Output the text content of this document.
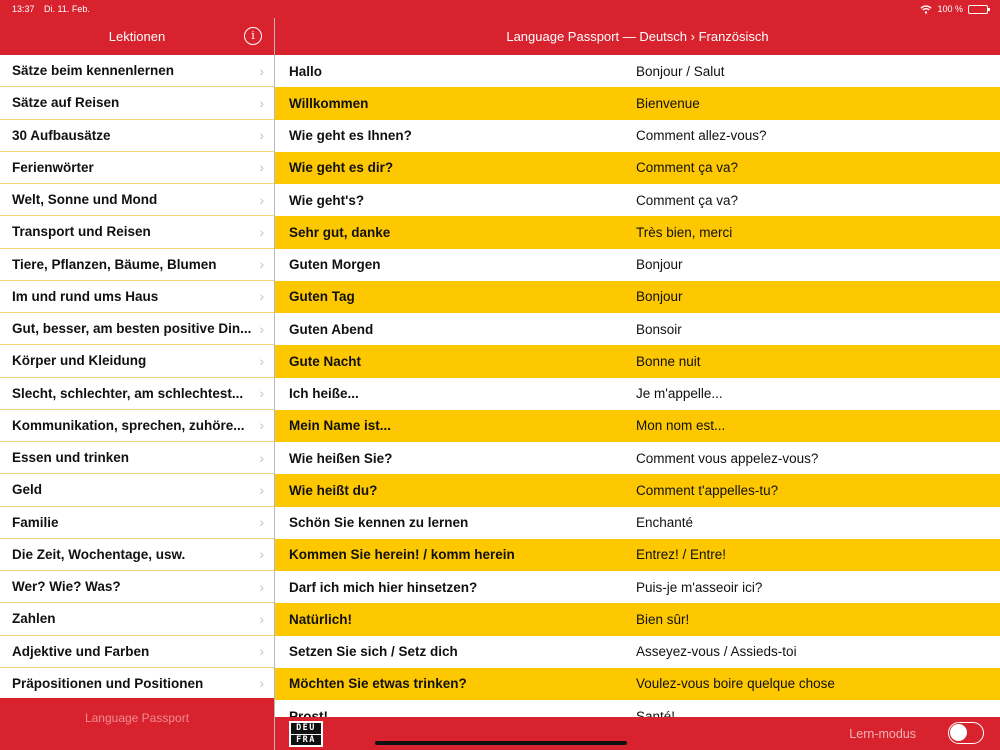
13:37 Di. 11. Feb.	100 %
Lektionen	i
Sätze beim kennenlernen	›
Sätze auf Reisen	›
30 Aufbausätze	›
Ferienwörter	›
Welt, Sonne und Mond	›
Transport und Reisen	›
Tiere, Pflanzen, Bäume, Blumen	›
Im und rund ums Haus	›
Gut, besser, am besten positive Din... ›
Körper und Kleidung	›
Slecht, schlechter, am schlechtest...	›
Kommunikation, sprechen, zuhöre...	›
Essen und trinken	›
Geld	›
Familie	›
Die Zeit, Wochentage, usw.	›
Wer? Wie? Was?	›
Zahlen	›
Adjektive und Farben	›
Präpositionen und Positionen	›
Language Passport
Language Passport — Deutsch › Französisch
Hallo	Bonjour / Salut
Willkommen	Bienvenue
Wie geht es Ihnen?	Comment allez-vous?
Wie geht es dir?	Comment ça va?
Wie geht's?	Comment ça va?
Sehr gut, danke	Très bien, merci
Guten Morgen	Bonjour
Guten Tag	Bonjour
Guten Abend	Bonsoir
Gute Nacht	Bonne nuit
Ich heiße...	Je m'appelle...
Mein Name ist...	Mon nom est...
Wie heißen Sie?	Comment vous appelez-vous?
Wie heißt du?	Comment t'appelles-tu?
Schön Sie kennen zu lernen	Enchanté
Kommen Sie herein! / komm herein	Entrez! / Entre!
Darf ich mich hier hinsetzen?	Puis-je m'asseoir ici?
Natürlich!	Bien sûr!
Setzen Sie sich / Setz dich	Asseyez-vous / Assieds-toi
Möchten Sie etwas trinken?	Voulez-vous boire quelque chose
DEU
FRA	Lern-modus
